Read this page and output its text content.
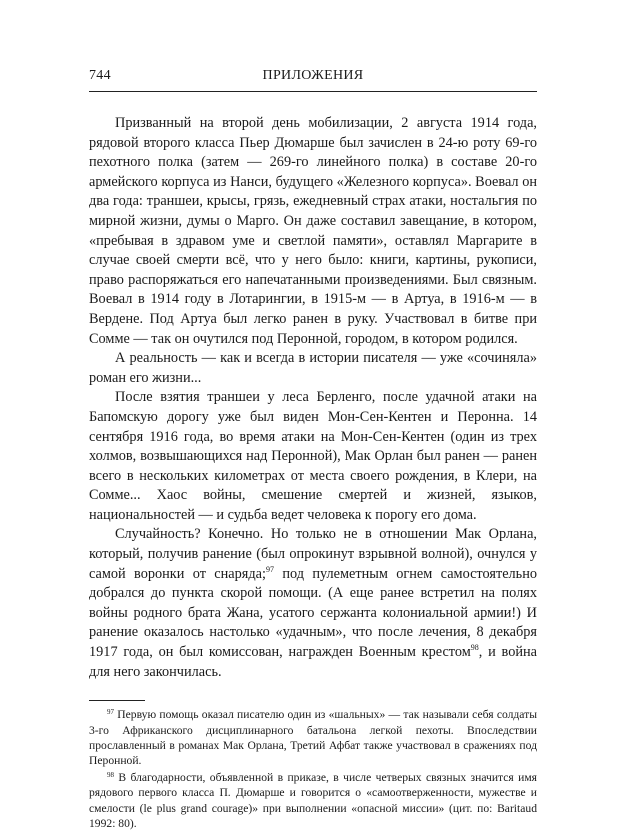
744	ПРИЛОЖЕНИЯ

Призванный на второй день мобилизации, 2 августа 1914 года, рядовой второго класса Пьер Дюмарше был зачислен в 24-ю роту 69-го пехотного полка (затем — 269-го линейного полка) в составе 20-го армейского корпуса из Нанси, будущего «Железного корпуса». Воевал он два года: траншеи, крысы, грязь, ежедневный страх атаки, ностальгия по мирной жизни, думы о Марго. Он даже составил завещание, в котором, «пребывая в здравом уме и светлой памяти», оставлял Маргарите в случае своей смерти всё, что у него было: книги, картины, рукописи, право распоряжаться его напечатанными произведениями. Был связным. Воевал в 1914 году в Лотарингии, в 1915-м — в Артуа, в 1916-м — в Вердене. Под Артуа был легко ранен в руку. Участвовал в битве при Сомме — так он очутился под Перонной, городом, в котором родился.

А реальность — как и всегда в истории писателя — уже «сочиняла» роман его жизни...

После взятия траншеи у леса Берленго, после удачной атаки на Бапомскую дорогу уже был виден Мон-Сен-Кентен и Перонна. 14 сентября 1916 года, во время атаки на Мон-Сен-Кентен (один из трех холмов, возвышающихся над Перонной), Мак Орлан был ранен — ранен всего в нескольких километрах от места своего рождения, в Клери, на Сомме... Хаос войны, смешение смертей и жизней, языков, национальностей — и судьба ведет человека к порогу его дома.

Случайность? Конечно. Но только не в отношении Мак Орлана, который, получив ранение (был опрокинут взрывной волной), очнулся у самой воронки от снаряда;$^{97}$ под пулеметным огнем самостоятельно добрался до пункта скорой помощи. (А еще ранее встретил на полях войны родного брата Жана, усатого сержанта колониальной армии!) И ранение оказалось настолько «удачным», что после лечения, 8 декабря 1917 года, он был комиссован, награжден Военным крестом$^{98}$, и война для него закончилась.

$^{97}$ Первую помощь оказал писателю один из «шальных» — так называли себя солдаты 3-го Африканского дисциплинарного батальона легкой пехоты. Впоследствии прославленный в романах Мак Орлана, Третий Афбат также участвовал в сражениях под Перонной.

$^{98}$ В благодарности, объявленной в приказе, в числе четверых связных значится имя рядового первого класса П. Дюмарше и говорится о «самоотверженности, мужестве и смелости (le plus grand courage)» при выполнении «опасной миссии» (цит. по: Baritaud 1992: 80).
